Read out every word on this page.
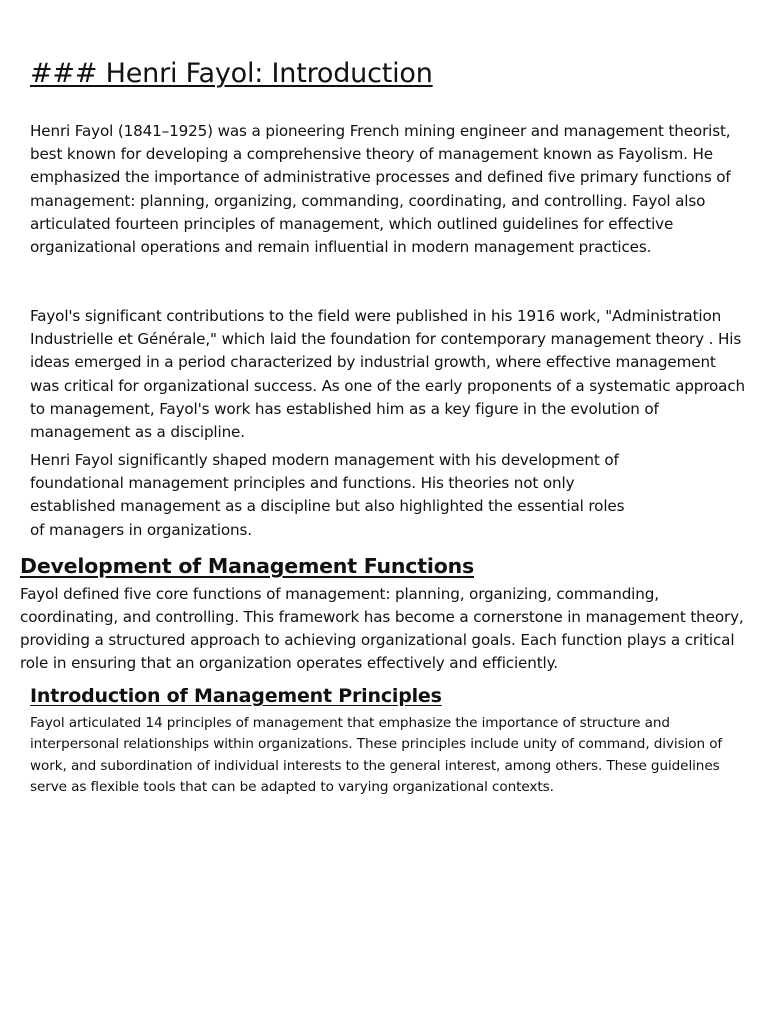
### Henri Fayol: Introduction

Henri Fayol (1841–1925) was a pioneering French mining engineer and management theorist, best known for developing a comprehensive theory of management known as Fayolism. He emphasized the importance of administrative processes and defined five primary functions of management: planning, organizing, commanding, coordinating, and controlling. Fayol also articulated fourteen principles of management, which outlined guidelines for effective organizational operations and remain influential in modern management practices.

Fayol's significant contributions to the field were published in his 1916 work, "Administration Industrielle et Générale," which laid the foundation for contemporary management theory . His ideas emerged in a period characterized by industrial growth, where effective management was critical for organizational success. As one of the early proponents of a systematic approach to management, Fayol's work has established him as a key figure in the evolution of management as a discipline.

Henri Fayol significantly shaped modern management with his development of foundational management principles and functions. His theories not only established management as a discipline but also highlighted the essential roles of managers in organizations.

Development of Management Functions

Fayol defined five core functions of management: planning, organizing, commanding, coordinating, and controlling. This framework has become a cornerstone in management theory, providing a structured approach to achieving organizational goals. Each function plays a critical role in ensuring that an organization operates effectively and efficiently.

Introduction of Management Principles

Fayol articulated 14 principles of management that emphasize the importance of structure and interpersonal relationships within organizations. These principles include unity of command, division of work, and subordination of individual interests to the general interest, among others. These guidelines serve as flexible tools that can be adapted to varying organizational contexts.
